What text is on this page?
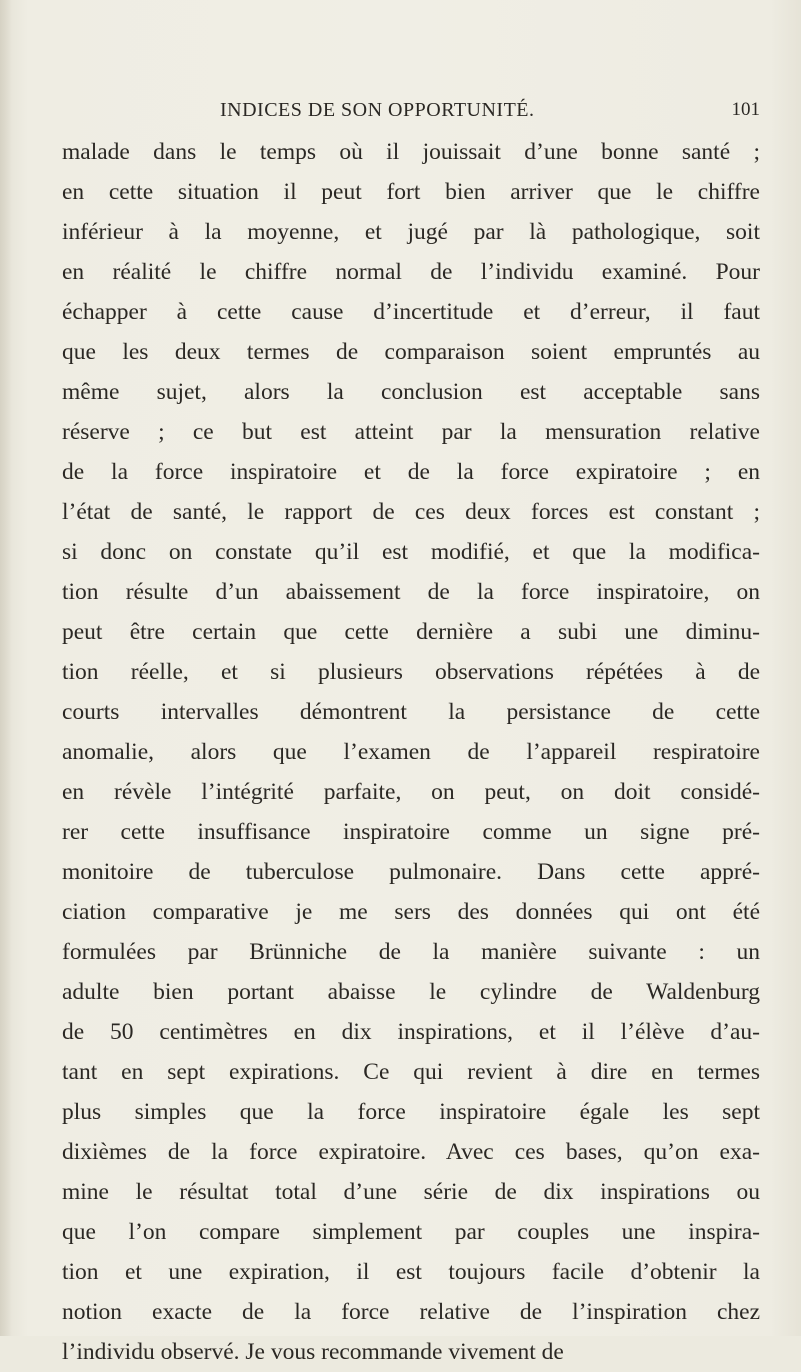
INDICES DE SON OPPORTUNITÉ.	101
malade dans le temps où il jouissait d’une bonne santé ;
en cette situation il peut fort bien arriver que le chiffre
inférieur à la moyenne, et jugé par là pathologique, soit
en réalité le chiffre normal de l’individu examiné. Pour
échapper à cette cause d’incertitude et d’erreur, il faut
que les deux termes de comparaison soient empruntés au
même sujet, alors la conclusion est acceptable sans
réserve ; ce but est atteint par la mensuration relative
de la force inspiratoire et de la force expiratoire ; en
l’état de santé, le rapport de ces deux forces est constant ;
si donc on constate qu’il est modifié, et que la modifica-
tion résulte d’un abaissement de la force inspiratoire, on
peut être certain que cette dernière a subi une diminu-
tion réelle, et si plusieurs observations répétées à de
courts intervalles démontrent la persistance de cette
anomalie, alors que l’examen de l’appareil respiratoire
en révèle l’intégrité parfaite, on peut, on doit considé-
rer cette insuffisance inspiratoire comme un signe pré-
monitoire de tuberculose pulmonaire. Dans cette appré-
ciation comparative je me sers des données qui ont été
formulées par Brünniche de la manière suivante : un
adulte bien portant abaisse le cylindre de Waldenburg
de 50 centimètres en dix inspirations, et il l’élève d’au-
tant en sept expirations. Ce qui revient à dire en termes
plus simples que la force inspiratoire égale les sept
dixièmes de la force expiratoire. Avec ces bases, qu’on exa-
mine le résultat total d’une série de dix inspirations ou
que l’on compare simplement par couples une inspira-
tion et une expiration, il est toujours facile d’obtenir la
notion exacte de la force relative de l’inspiration chez
l’individu observé. Je vous recommande vivement de
